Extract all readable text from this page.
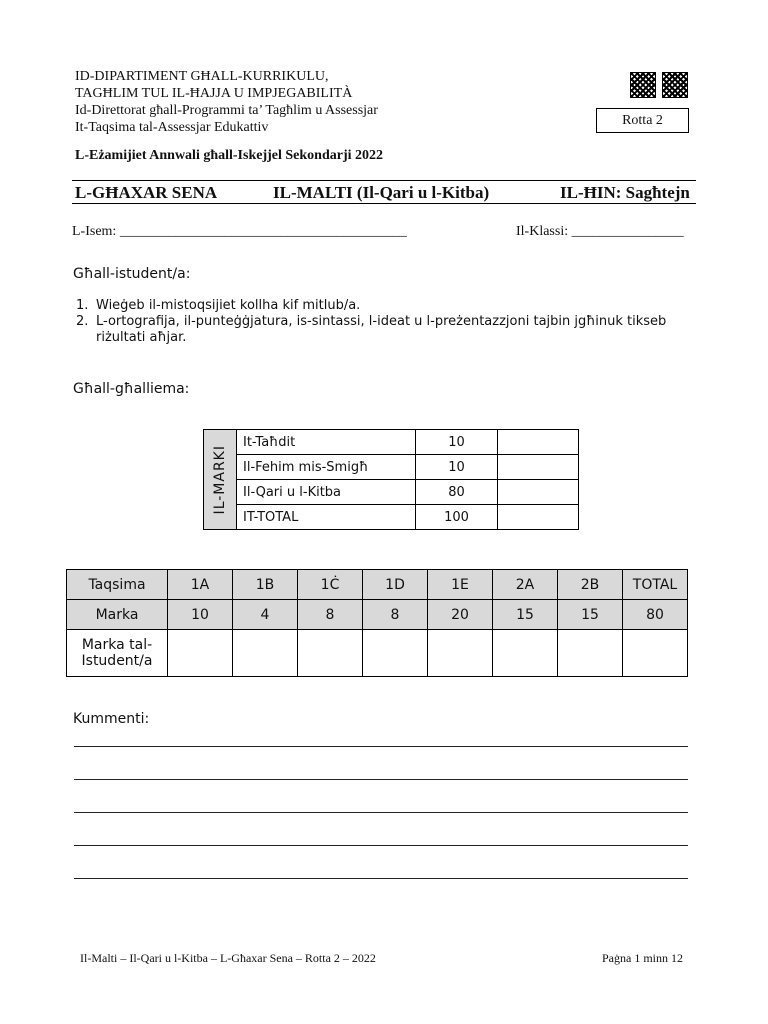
ID-DIPARTIMENT GĦALL-KURRIKULU,
TAGĦLIM TUL IL-ĦAJJA U IMPJEGABILITÀ
Id-Direttorat għall-Programmi ta’ Tagħlim u Assessjar
It-Taqsima tal-Assessjar Edukattiv	Rotta 2
L-Eżamijiet Annwali għall-Iskejjel Sekondarji 2022
L-GĦAXAR SENA	IL-MALTI (Il-Qari u l-Kitba)	IL-ĦIN: Sagħtejn
L-Isem: _________________________________________	Il-Klassi: ________________
Għall-istudent/a:
1. Wieġeb il-mistoqsijiet kollha kif mitlub/a.
2. L-ortografija, il-punteġġjatura, is-sintassi, l-ideat u l-preżentazzjoni tajbin jgħinuk tikseb riżultati aħjar.
Għall-għalliema:
IL-MARKI	It-Taħdit	10	
	Il-Fehim mis-Smigħ	10	
	Il-Qari u l-Kitba	80	
	IT-TOTAL	100	
Taqsima	1A	1B	1Ċ	1D	1E	2A	2B	TOTAL
Marka	10	4	8	8	20	15	15	80
Marka tal-Istudent/a								
Kummenti:
Il-Malti – Il-Qari u l-Kitba – L-Għaxar Sena – Rotta 2 – 2022	Paġna 1 minn 12
